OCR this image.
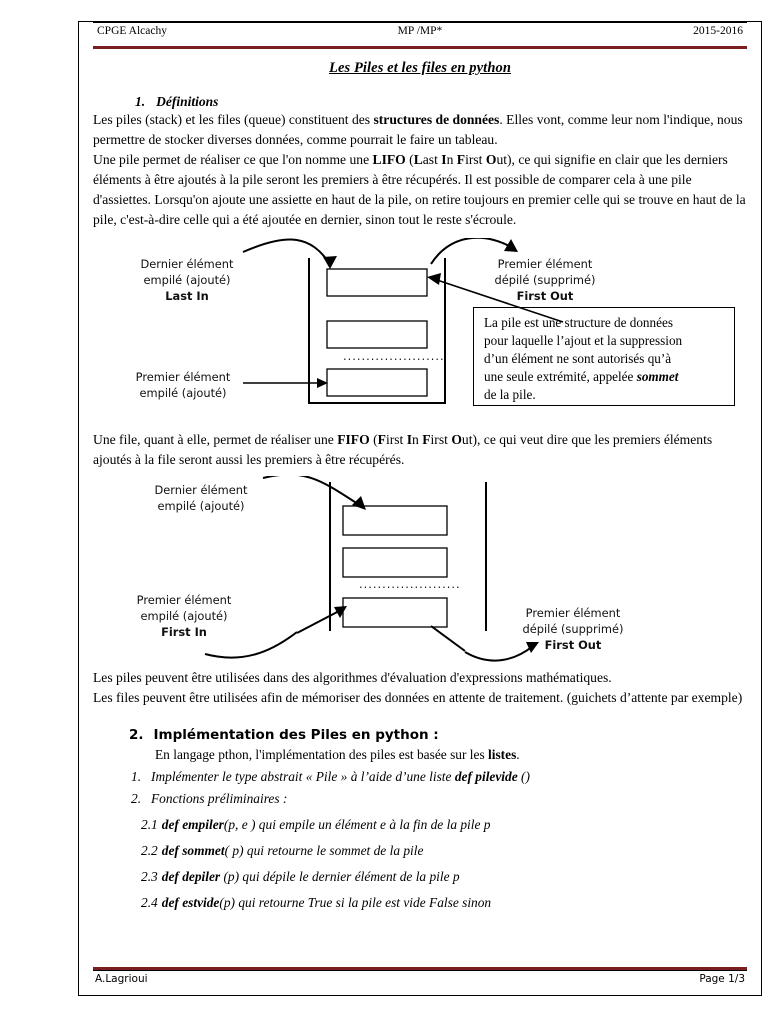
CPGE Alcachy	MP /MP*	2015-2016
Les Piles et les files en python
1. Définitions

Les piles (stack) et les files (queue) constituent des structures de données. Elles vont, comme leur nom l'indique, nous permettre de stocker diverses données, comme pourrait le faire un tableau.

Une pile permet de réaliser ce que l'on nomme une LIFO (Last In First Out), ce qui signifie en clair que les derniers éléments à être ajoutés à la pile seront les premiers à être récupérés. Il est possible de comparer cela à une pile d'assiettes. Lorsqu'on ajoute une assiette en haut de la pile, on retire toujours en premier celle qui se trouve en haut de la pile, c'est-à-dire celle qui a été ajoutée en dernier, sinon tout le reste s'écroule.

Dernier élément
empilé (ajouté)
Last In
Premier élément
dépilé (supprimé)
First Out
Premier élément
empilé (ajouté)
......................
La pile est une structure de données
pour laquelle l’ajout et la suppression
d’un élément ne sont autorisés qu’à
une seule extrémité, appelée sommet
de la pile.

Une file, quant à elle, permet de réaliser une FIFO (First In First Out), ce qui veut dire que les premiers éléments ajoutés à la file seront aussi les premiers à être récupérés.

Dernier élément
empilé (ajouté)
Premier élément
empilé (ajouté)
First In
Premier élément
dépilé (supprimé)
First Out
......................

Les piles peuvent être utilisées dans des algorithmes d'évaluation d'expressions mathématiques.
Les files peuvent être utilisées afin de mémoriser des données en attente de traitement. (guichets d’attente par exemple)

2. Implémentation des Piles en python :
En langage pthon, l'implémentation des piles est basée sur les listes.
1. Implémenter le type abstrait « Pile » à l’aide d’une liste def pilevide ()
2. Fonctions préliminaires :
2.1 def empiler(p, e ) qui empile un élément e à la fin de la pile p
2.2 def sommet( p) qui retourne le sommet de la pile
2.3 def depiler (p) qui dépile le dernier élément de la pile p
2.4 def estvide(p) qui retourne True si la pile est vide False sinon
A.Lagrioui	Page 1/3
